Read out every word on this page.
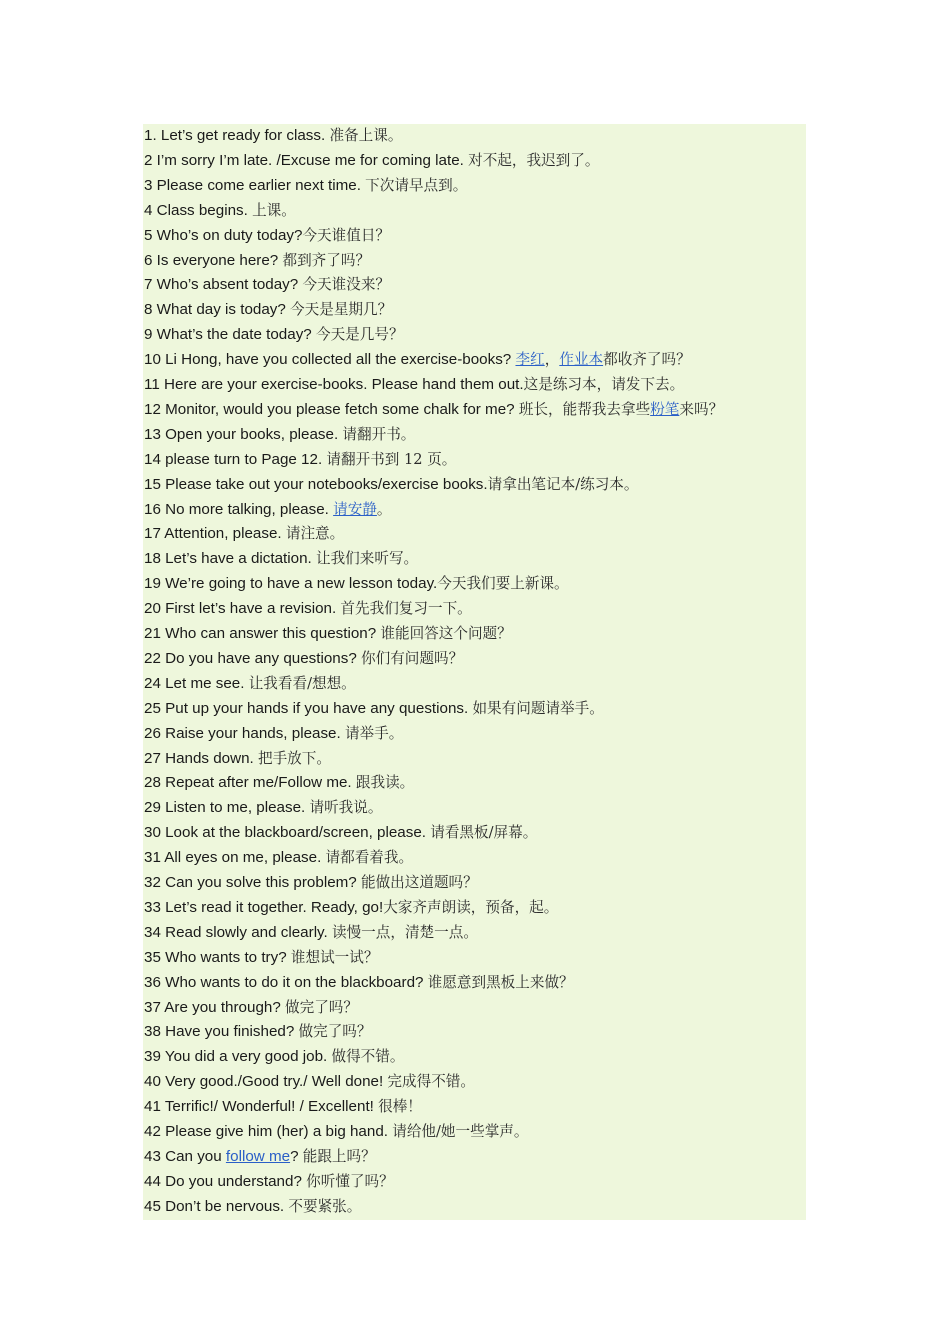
1. Let’s get ready for class. 准备上课。
2 I’m sorry I’m late. /Excuse me for coming late. 对不起，我迟到了。
3 Please come earlier next time. 下次请早点到。
4 Class begins. 上课。
5 Who’s on duty today?今天谁值日？
6 Is everyone here? 都到齐了吗？
7 Who’s absent today? 今天谁没来？
8 What day is today? 今天是星期几？
9 What’s the date today? 今天是几号？
10 Li Hong, have you collected all the exercise-books? 李红，作业本都收齐了吗？
11 Here are your exercise-books. Please hand them out.这是练习本，请发下去。
12 Monitor, would you please fetch some chalk for me? 班长，能帮我去拿些粉笔来吗？
13 Open your books, please. 请翻开书。
14 please turn to Page 12. 请翻开书到 12 页。
15 Please take out your notebooks/exercise books.请拿出笔记本/练习本。
16 No more talking, please. 请安静。
17 Attention, please. 请注意。
18 Let’s have a dictation. 让我们来听写。
19 We’re going to have a new lesson today.今天我们要上新课。
20 First let’s have a revision. 首先我们复习一下。
21 Who can answer this question? 谁能回答这个问题？
22 Do you have any questions? 你们有问题吗？
24 Let me see. 让我看看/想想。
25 Put up your hands if you have any questions. 如果有问题请举手。
26 Raise your hands, please. 请举手。
27 Hands down. 把手放下。
28 Repeat after me/Follow me. 跟我读。
29 Listen to me, please. 请听我说。
30 Look at the blackboard/screen, please. 请看黑板/屏幕。
31 All eyes on me, please. 请都看着我。
32 Can you solve this problem? 能做出这道题吗？
33 Let’s read it together. Ready, go!大家齐声朗读，预备，起。
34 Read slowly and clearly. 读慢一点，清楚一点。
35 Who wants to try? 谁想试一试？
36 Who wants to do it on the blackboard? 谁愿意到黑板上来做？
37 Are you through? 做完了吗？
38 Have you finished? 做完了吗？
39 You did a very good job. 做得不错。
40 Very good./Good try./ Well done! 完成得不错。
41 Terrific!/ Wonderful! / Excellent! 很棒！
42 Please give him (her) a big hand. 请给他/她一些掌声。
43 Can you follow me? 能跟上吗？
44 Do you understand? 你听懂了吗？
45 Don’t be nervous. 不要紧张。
